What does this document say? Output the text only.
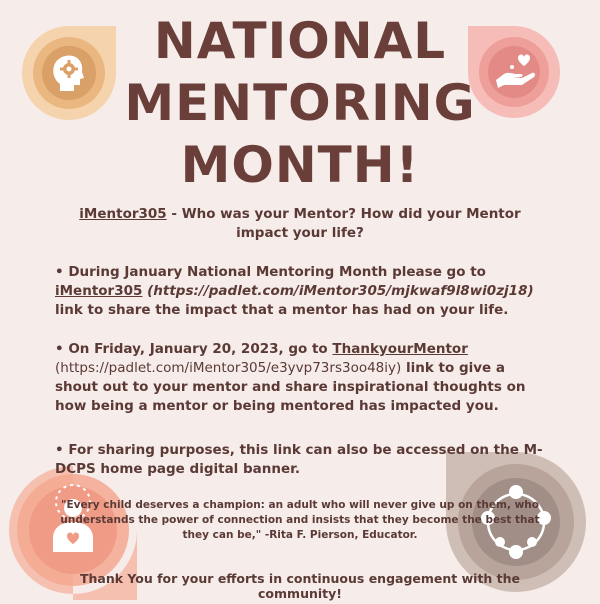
NATIONAL
MENTORING
MONTH!
iMentor305 - Who was your Mentor? How did your Mentor impact your life?
• During January National Mentoring Month please go to iMentor305 (https://padlet.com/iMentor305/mjkwaf9l8wi0zj18) link to share the impact that a mentor has had on your life.
• On Friday, January 20, 2023, go to ThankyourMentor (https://padlet.com/iMentor305/e3yvp73rs3oo48iy) link to give a shout out to your mentor and share inspirational thoughts on how being a mentor or being mentored has impacted you.
• For sharing purposes, this link can also be accessed on the M-DCPS home page digital banner.
"Every child deserves a champion: an adult who will never give up on them, who understands the power of connection and insists that they become the best that they can be," -Rita F. Pierson, Educator.
Thank You for your efforts in continuous engagement with the community!
